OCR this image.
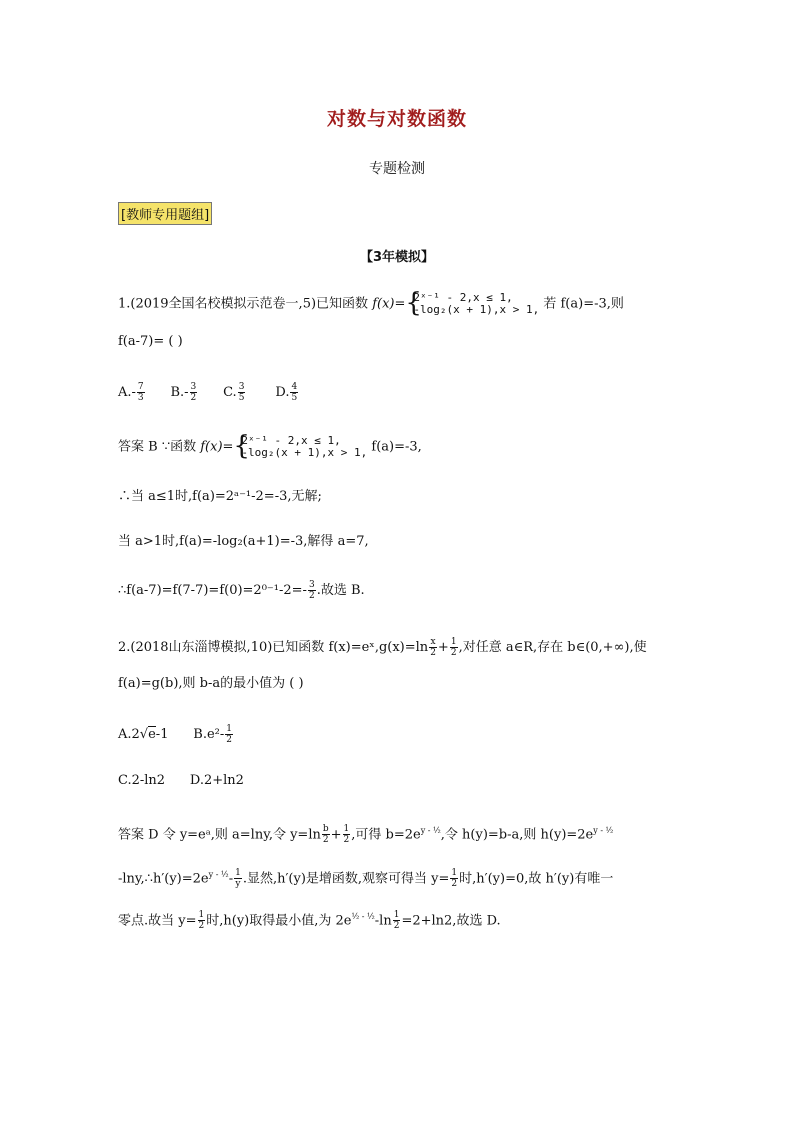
对数与对数函数
专题检测
[教师专用题组]
【3年模拟】
1.(2019全国名校模拟示范卷一,5)已知函数 f(x)= { 2ˣ⁻¹ - 2,x ≤ 1,
-log₂(x + 1),x > 1, 若 f(a)=-3,则
f(a-7)= ( )
$A.- \frac{7}{3} B.- \frac{3}{2} C$. $\frac{3}{5} D$. $\frac{4}{5}$
答案 B ∵函数 f(x)= { 2ˣ⁻¹ - 2,x ≤ 1,
-log₂(x + 1),x > 1, f(a)=-3,
∴当 a≤1时,f(a)=2ᵃ⁻¹-2=-3,无解;
当 a>1时,f(a)=-log₂(a+1)=-3,解得 a=7,
∴f(a-7)=f(7-7)=f(0)=2⁰⁻¹-2=- $\frac{3}{2}$ .故选 B.
2.(2018山东淄博模拟,10)已知函数 f(x)=eˣ,g(x)=ln $\frac{x}{2} + \frac{1}{2}$ ,对任意 a∈R,存在 b∈(0,+∞),使
f(a)=g(b),则 b-a的最小值为 ( )
A.2√e-1 $B.e^2- \frac{1}{2}$
C.2-ln2 D.2+ln2
答案 D 令 y=eᵃ,则 a=lny,令 $y=\ln \frac{b}{2} + \frac{1}{2}$ ,可得 $b=2e^{y - \frac{1}{2}}$,令 h(y)=b-a,则 $h(y)=2e^{y - \frac{1}{2}}$
$-\ln y,\therefore h'(y)=2e^{y - \frac{1}{2}}- \frac{1}{y}$ .显然,h′(y)是增函数,观察可得当 $y= \frac{1}{2}$ 时,h′(y)=0,故 h′(y)有唯一
零点.故当 $y= \frac{1}{2}$ 时,h(y)取得最小值,为 $2e^{\frac{1}{2} - \frac{1}{2}}-\ln \frac{1}{2} =2+\ln 2$,故选 D.
